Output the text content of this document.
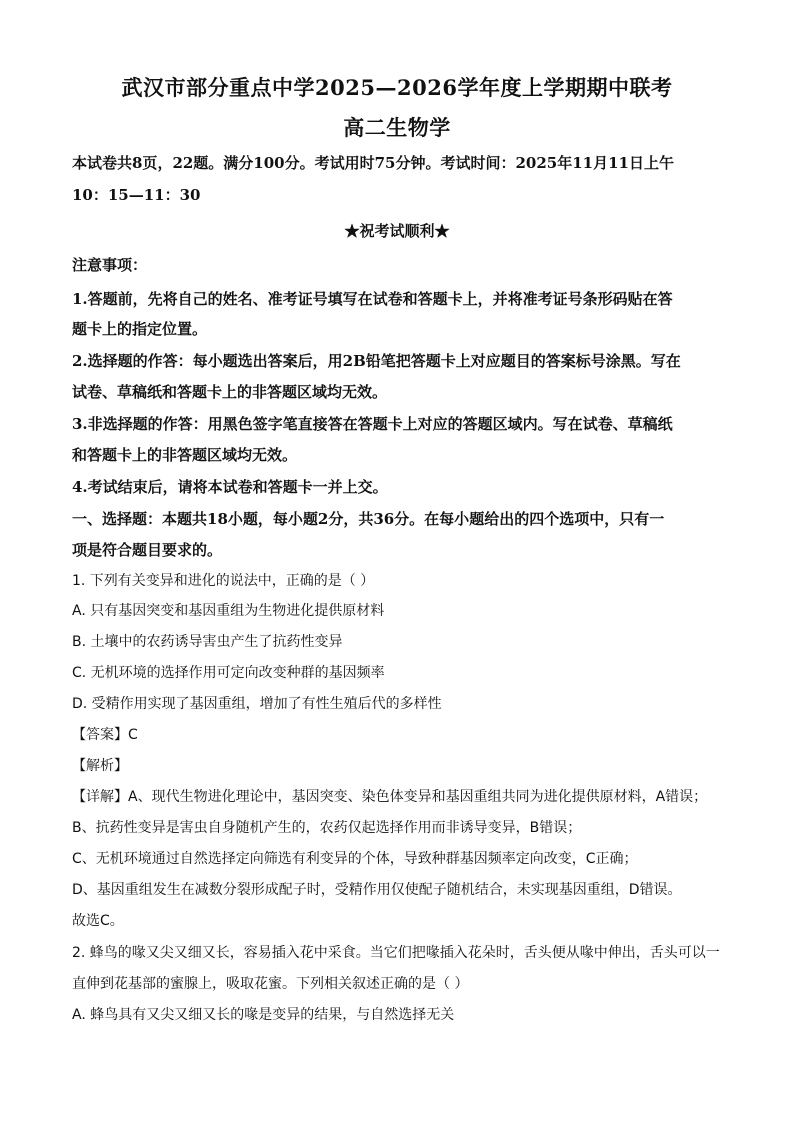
武汉市部分重点中学2025—2026学年度上学期期中联考
高二生物学
本试卷共8页，22题。满分100分。考试用时75分钟。考试时间：2025年11月11日上午
10：15—11：30
★祝考试顺利★
注意事项：
1.答题前，先将自己的姓名、准考证号填写在试卷和答题卡上，并将准考证号条形码贴在答
题卡上的指定位置。
2.选择题的作答：每小题选出答案后，用2B铅笔把答题卡上对应题目的答案标号涂黑。写在
试卷、草稿纸和答题卡上的非答题区域均无效。
3.非选择题的作答：用黑色签字笔直接答在答题卡上对应的答题区域内。写在试卷、草稿纸
和答题卡上的非答题区域均无效。
4.考试结束后，请将本试卷和答题卡一并上交。
一、选择题：本题共18小题，每小题2分，共36分。在每小题给出的四个选项中，只有一
项是符合题目要求的。
1. 下列有关变异和进化的说法中，正确的是（ ）
A. 只有基因突变和基因重组为生物进化提供原材料
B. 土壤中的农药诱导害虫产生了抗药性变异
C. 无机环境的选择作用可定向改变种群的基因频率
D. 受精作用实现了基因重组，增加了有性生殖后代的多样性
【答案】C
【解析】
【详解】A、现代生物进化理论中，基因突变、染色体变异和基因重组共同为进化提供原材料，A错误；
B、抗药性变异是害虫自身随机产生的，农药仅起选择作用而非诱导变异，B错误；
C、无机环境通过自然选择定向筛选有利变异的个体，导致种群基因频率定向改变，C正确；
D、基因重组发生在减数分裂形成配子时，受精作用仅使配子随机结合，未实现基因重组，D错误。
故选C。
2. 蜂鸟的喙又尖又细又长，容易插入花中采食。当它们把喙插入花朵时，舌头便从喙中伸出，舌头可以一
直伸到花基部的蜜腺上，吸取花蜜。下列相关叙述正确的是（ ）
A. 蜂鸟具有又尖又细又长的喙是变异的结果，与自然选择无关
